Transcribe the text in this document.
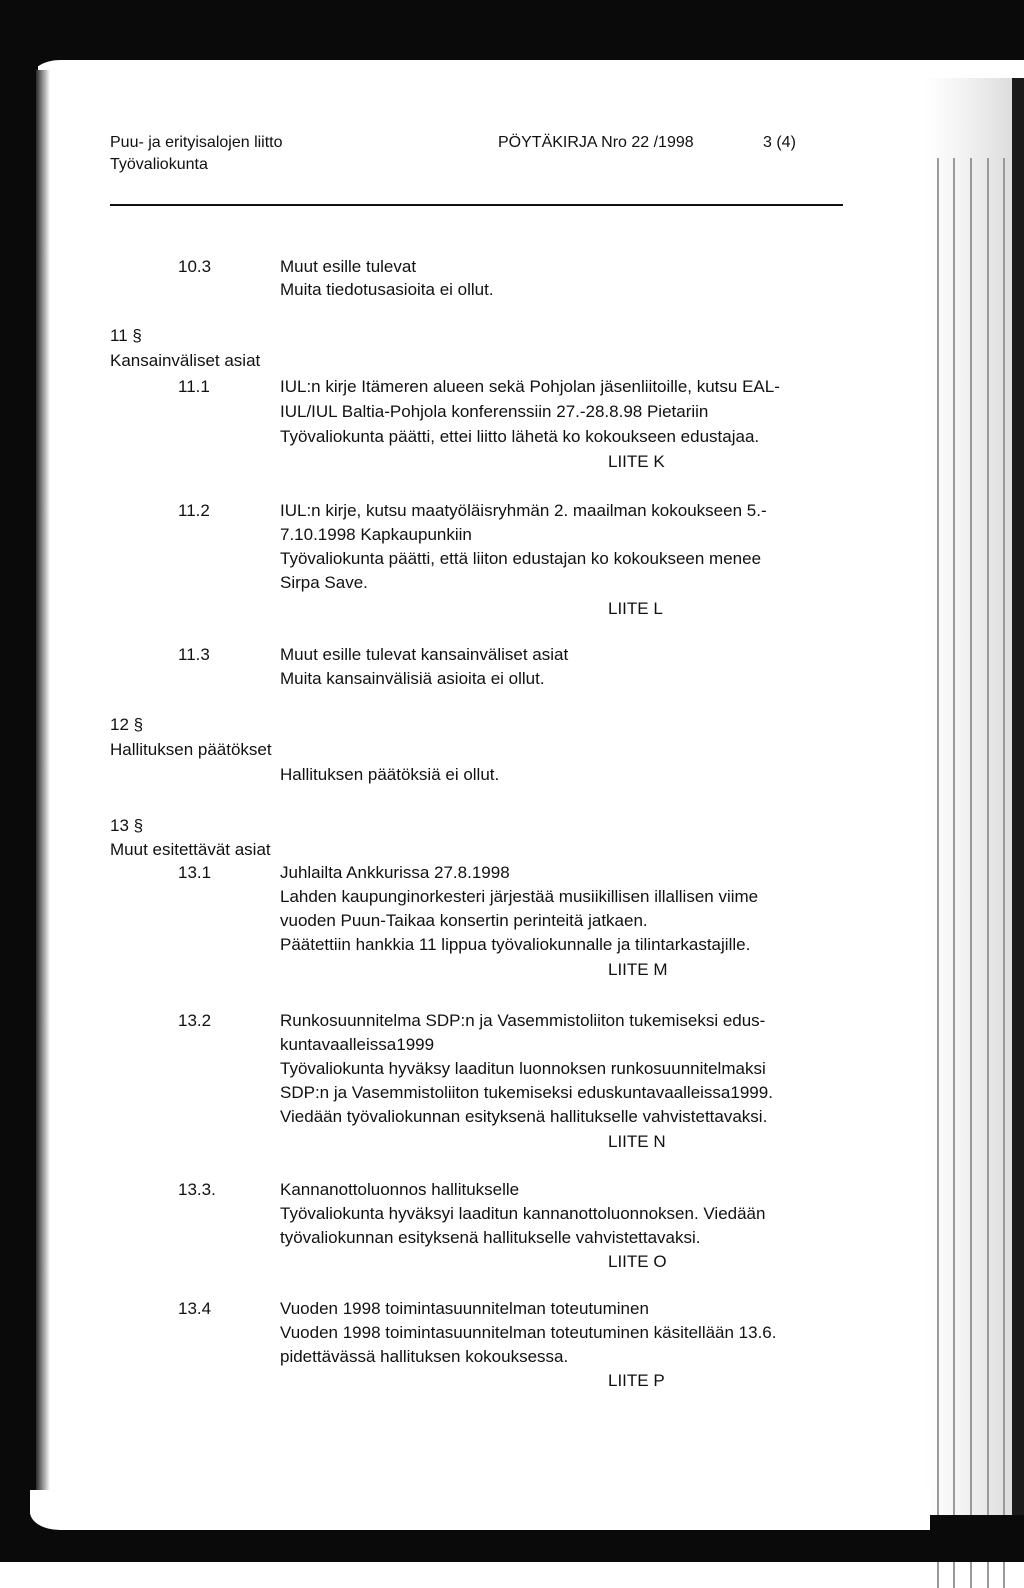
Puu- ja erityisalojen liitto
Työvaliokunta
PÖYTÄKIRJA Nro 22 /1998	3 (4)
10.3	Muut esille tulevat
Muita tiedotusasioita ei ollut.
11 §
Kansainväliset asiat
11.1	IUL:n kirje Itämeren alueen sekä Pohjolan jäsenliitoille, kutsu EAL-
IUL/IUL Baltia-Pohjola konferenssiin 27.-28.8.98 Pietariin
Työvaliokunta päätti, ettei liitto lähetä ko kokoukseen edustajaa.
LIITE K
11.2	IUL:n kirje, kutsu maatyöläisryhmän 2. maailman kokoukseen 5.-
7.10.1998 Kapkaupunkiin
Työvaliokunta päätti, että liiton edustajan ko kokoukseen menee
Sirpa Save.
LIITE L
11.3	Muut esille tulevat kansainväliset asiat
Muita kansainvälisiä asioita ei ollut.
12 §
Hallituksen päätökset
Hallituksen päätöksiä ei ollut.
13 §
Muut esitettävät asiat
13.1	Juhlailta Ankkurissa 27.8.1998
Lahden kaupunginorkesteri järjestää musiikillisen illallisen viime
vuoden Puun-Taikaa konsertin perinteitä jatkaen.
Päätettiin hankkia 11 lippua työvaliokunnalle ja tilintarkastajille.
LIITE M
13.2	Runkosuunnitelma SDP:n ja Vasemmistoliiton tukemiseksi edus-
kuntavaalleissa1999
Työvaliokunta hyväksy laaditun luonnoksen runkosuunnitelmaksi
SDP:n ja Vasemmistoliiton tukemiseksi eduskuntavaalleissa1999.
Viedään työvaliokunnan esityksenä hallitukselle vahvistettavaksi.
LIITE N
13.3.	Kannanottoluonnos hallitukselle
Työvaliokunta hyväksyi laaditun kannanottoluonnoksen. Viedään
työvaliokunnan esityksenä hallitukselle vahvistettavaksi.
LIITE O
13.4	Vuoden 1998 toimintasuunnitelman toteutuminen
Vuoden 1998 toimintasuunnitelman toteutuminen käsitellään 13.6.
pidettävässä hallituksen kokouksessa.
LIITE P
